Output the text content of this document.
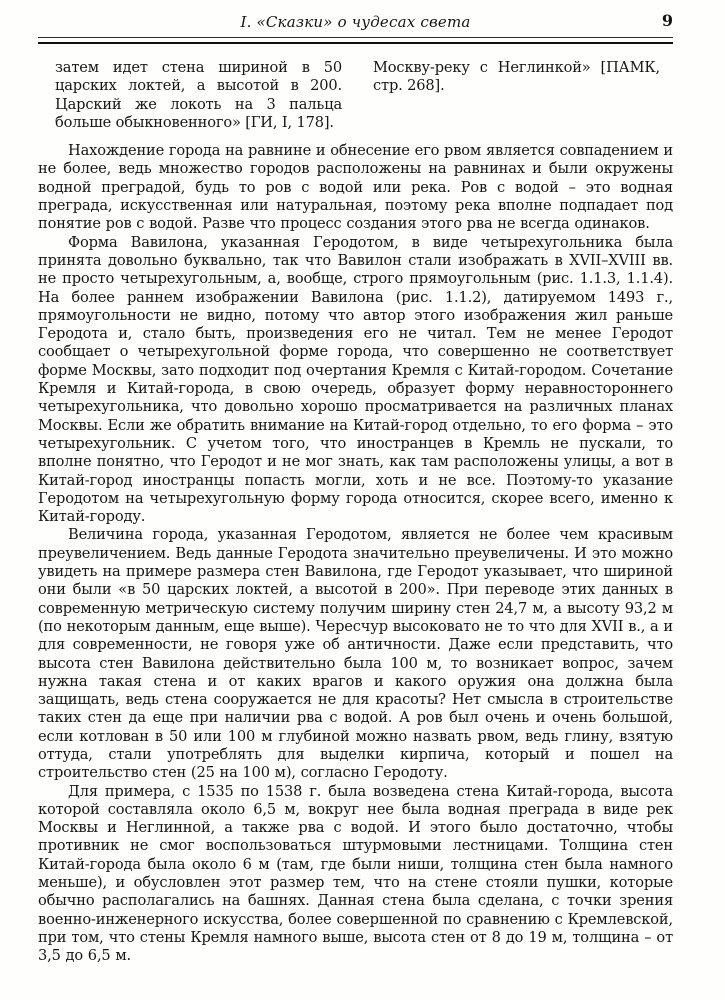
I. «Сказки» о чудесах света	9

затем идет стена шириной в 50 царских локтей, а высотой в 200. Царский же локоть на 3 пальца больше обыкновенного» [ГИ, I, 178].

Москву-реку с Неглинкой» [ПАМК, стр. 268].

Нахождение города на равнине и обнесение его рвом является совпадением и не более, ведь множество городов расположены на равнинах и были окружены водной преградой, будь то ров с водой или река. Ров с водой – это водная преграда, искусственная или натуральная, поэтому река вполне подпадает под понятие ров с водой. Разве что процесс создания этого рва не всегда одинаков.

Форма Вавилона, указанная Геродотом, в виде четырехугольника была принята довольно буквально, так что Вавилон стали изображать в XVII–XVIII вв. не просто четырехугольным, а, вообще, строго прямоугольным (рис. 1.1.3, 1.1.4). На более раннем изображении Вавилона (рис. 1.1.2), датируемом 1493 г., прямоугольности не видно, потому что автор этого изображения жил раньше Геродота и, стало быть, произведения его не читал. Тем не менее Геродот сообщает о четырехугольной форме города, что совершенно не соответствует форме Москвы, зато подходит под очертания Кремля с Китай-городом. Сочетание Кремля и Китай-города, в свою очередь, образует форму неравностороннего четырехугольника, что довольно хорошо просматривается на различных планах Москвы. Если же обратить внимание на Китай-город отдельно, то его форма – это четырехугольник. С учетом того, что иностранцев в Кремль не пускали, то вполне понятно, что Геродот и не мог знать, как там расположены улицы, а вот в Китай-город иностранцы попасть могли, хоть и не все. Поэтому-то указание Геродотом на четырехугольную форму города относится, скорее всего, именно к Китай-городу.

Величина города, указанная Геродотом, является не более чем красивым преувеличением. Ведь данные Геродота значительно преувеличены. И это можно увидеть на примере размера стен Вавилона, где Геродот указывает, что шириной они были «в 50 царских локтей, а высотой в 200». При переводе этих данных в современную метрическую систему получим ширину стен 24,7 м, а высоту 93,2 м (по некоторым данным, еще выше). Чересчур высоковато не то что для XVII в., а и для современности, не говоря уже об античности. Даже если представить, что высота стен Вавилона действительно была 100 м, то возникает вопрос, зачем нужна такая стена и от каких врагов и какого оружия она должна была защищать, ведь стена сооружается не для красоты? Нет смысла в строительстве таких стен да еще при наличии рва с водой. А ров был очень и очень большой, если котлован в 50 или 100 м глубиной можно назвать рвом, ведь глину, взятую оттуда, стали употреблять для выделки кирпича, который и пошел на строительство стен (25 на 100 м), согласно Геродоту.

Для примера, с 1535 по 1538 г. была возведена стена Китай-города, высота которой составляла около 6,5 м, вокруг нее была водная преграда в виде рек Москвы и Неглинной, а также рва с водой. И этого было достаточно, чтобы противник не смог воспользоваться штурмовыми лестницами. Толщина стен Китай-города была около 6 м (там, где были ниши, толщина стен была намного меньше), и обусловлен этот размер тем, что на стене стояли пушки, которые обычно располагались на башнях. Данная стена была сделана, с точки зрения военно-инженерного искусства, более совершенной по сравнению с Кремлевской, при том, что стены Кремля намного выше, высота стен от 8 до 19 м, толщина – от 3,5 до 6,5 м.
